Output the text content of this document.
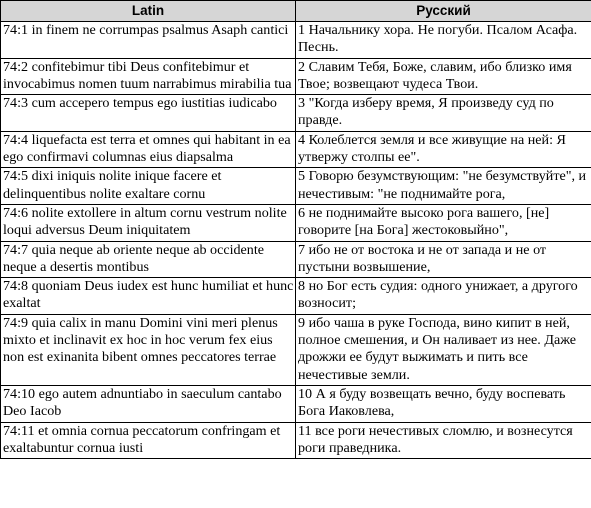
Latin	Русский
74:1 in finem ne corrumpas psalmus Asaph cantici	1 Начальнику хора. Не погуби. Псалом Асафа. Песнь.
74:2 confitebimur tibi Deus confitebimur et invocabimus nomen tuum narrabimus mirabilia tua	2 Славим Тебя, Боже, славим, ибо близко имя Твое; возвещают чудеса Твои.
74:3 cum accepero tempus ego iustitias iudicabo	3 "Когда изберу время, Я произведу суд по правде.
74:4 liquefacta est terra et omnes qui habitant in ea ego confirmavi columnas eius diapsalma	4 Колеблется земля и все живущие на ней: Я утвержу столпы ее".
74:5 dixi iniquis nolite inique facere et delinquentibus nolite exaltare cornu	5 Говорю безумствующим: "не безумствуйте", и нечестивым: "не поднимайте рога,
74:6 nolite extollere in altum cornu vestrum nolite loqui adversus Deum iniquitatem	6 не поднимайте высоко рога вашего, [не] говорите [на Бога] жестоковыйно",
74:7 quia neque ab oriente neque ab occidente neque a desertis montibus	7 ибо не от востока и не от запада и не от пустыни возвышение,
74:8 quoniam Deus iudex est hunc humiliat et hunc exaltat	8 но Бог есть судия: одного унижает, а другого возносит;
74:9 quia calix in manu Domini vini meri plenus mixto et inclinavit ex hoc in hoc verum fex eius non est exinanita bibent omnes peccatores terrae	9 ибо чаша в руке Господа, вино кипит в ней, полное смешения, и Он наливает из нее. Даже дрожжи ее будут выжимать и пить все нечестивые земли.
74:10 ego autem adnuntiabo in saeculum cantabo Deo Iacob	10 А я буду возвещать вечно, буду воспевать Бога Иаковлева,
74:11 et omnia cornua peccatorum confringam et exaltabuntur cornua iusti	11 все роги нечестивых сломлю, и вознесутся роги праведника.
